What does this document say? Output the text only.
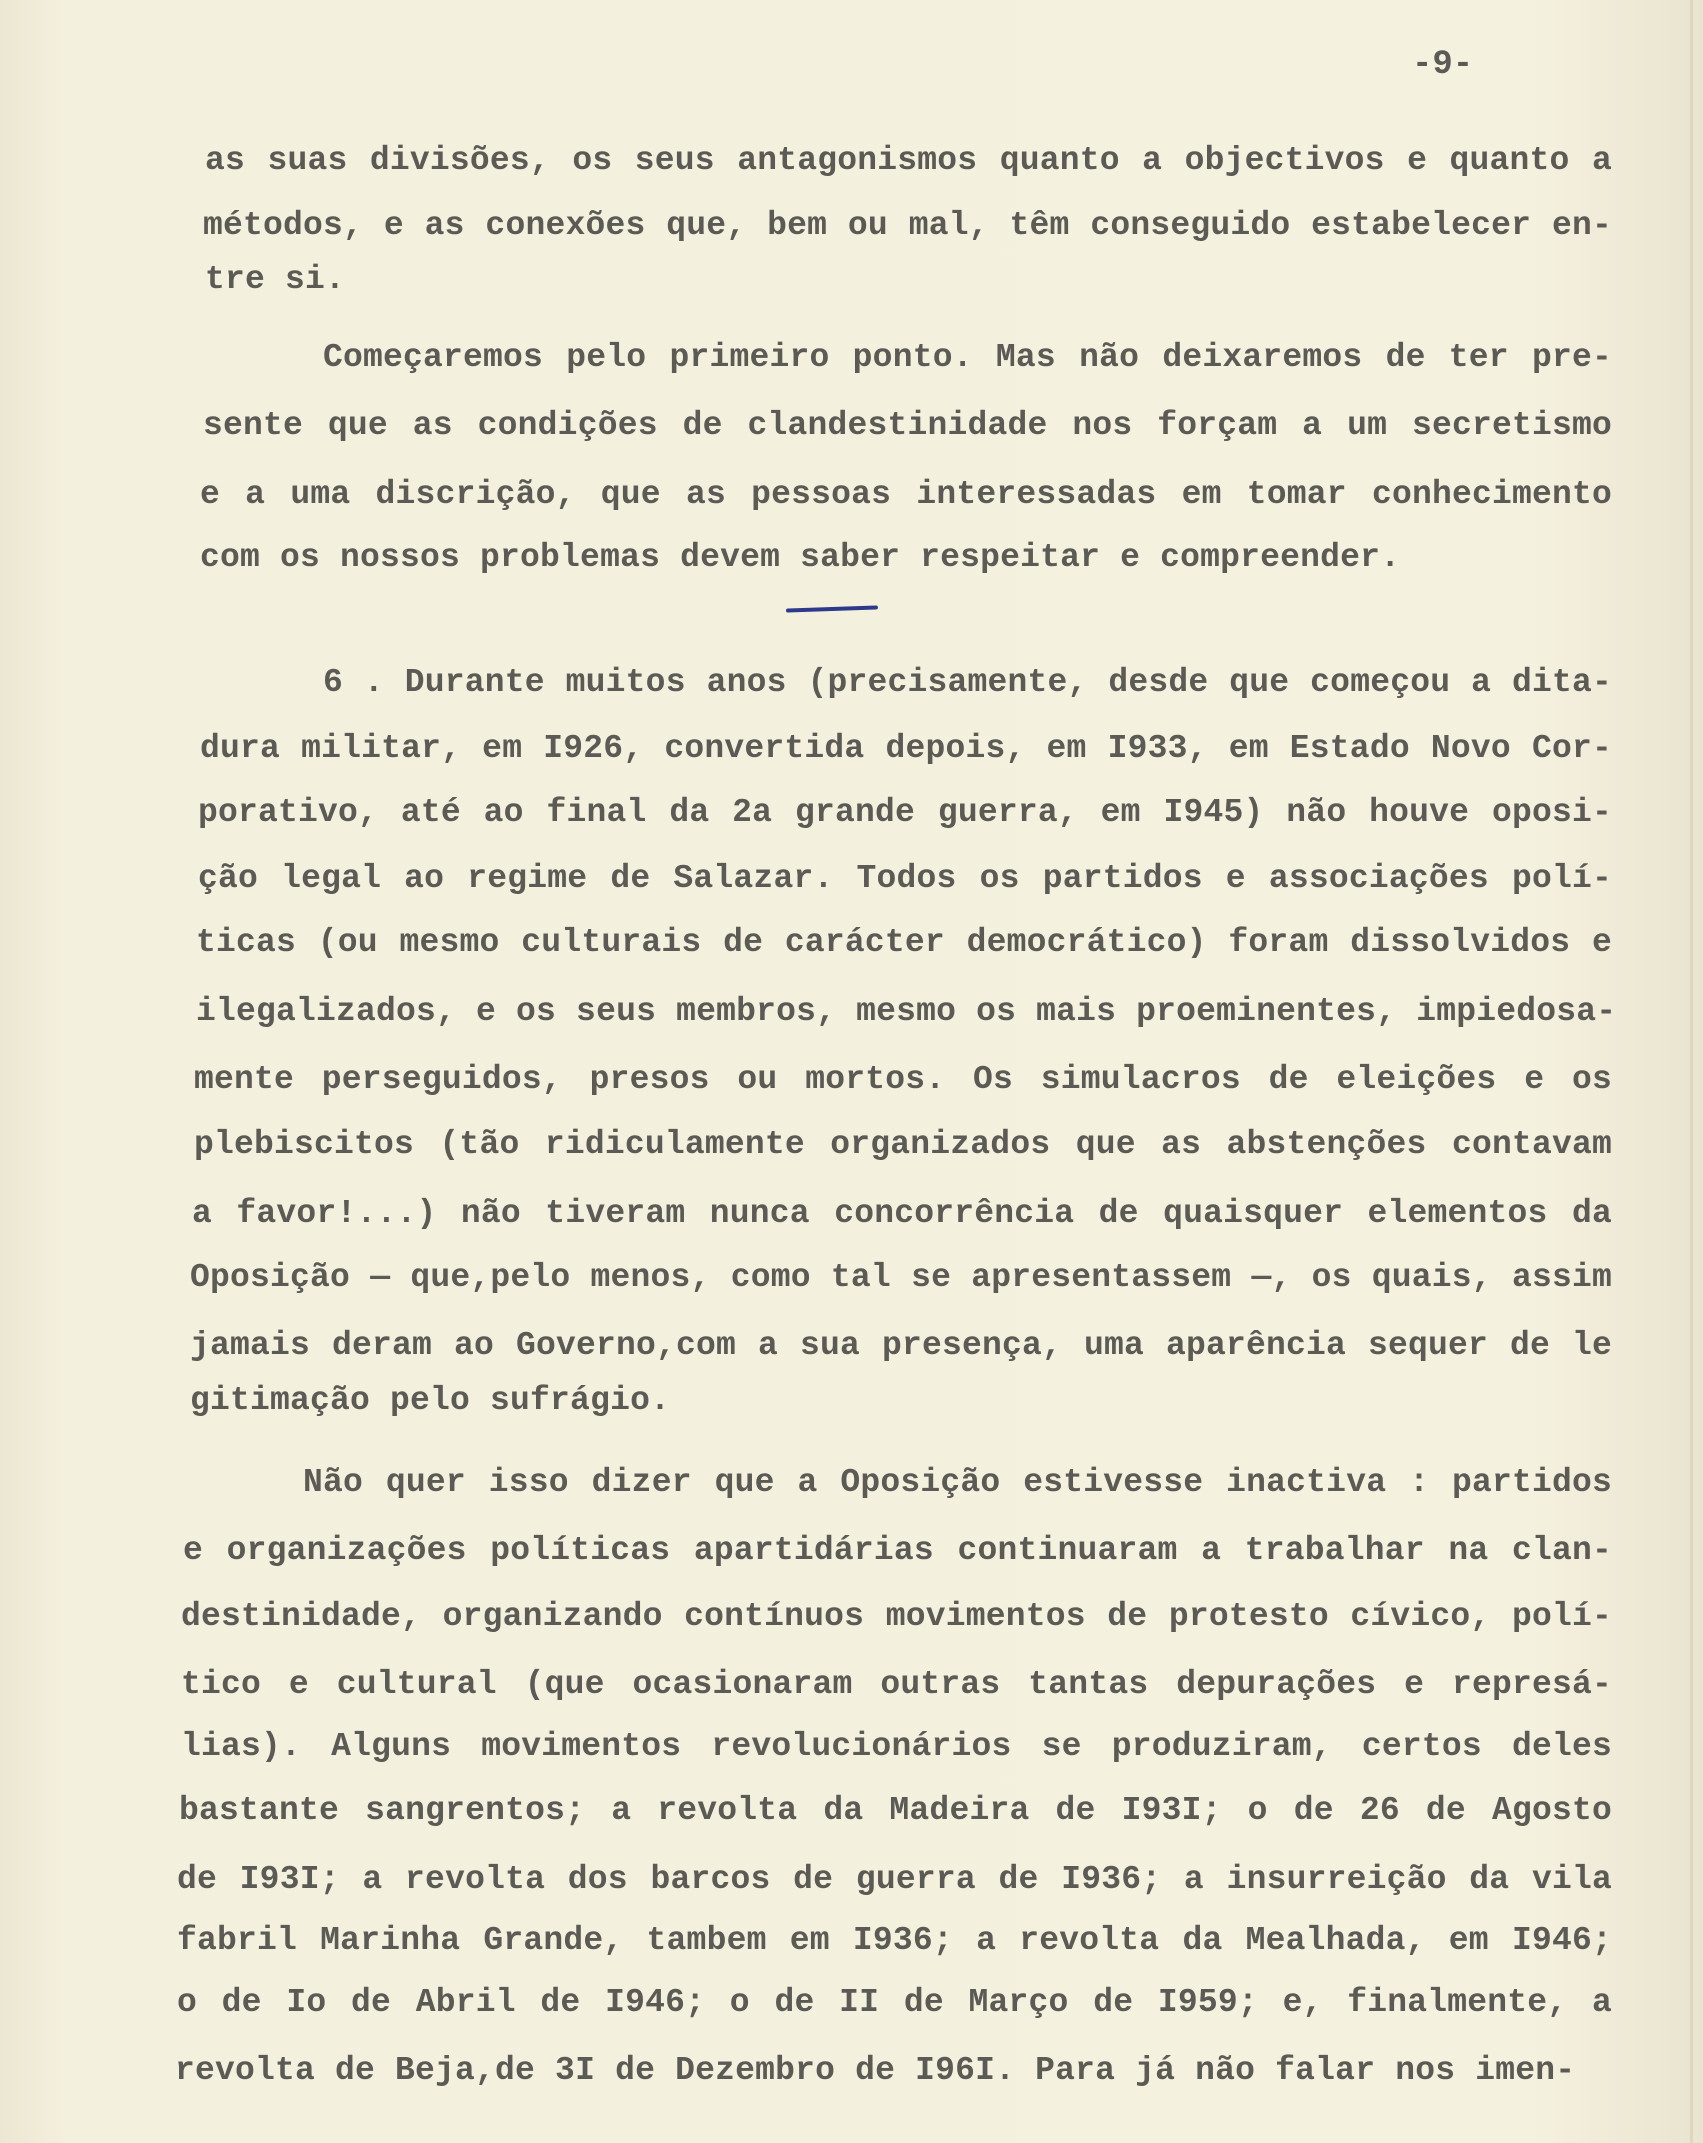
-9-
as suas divisões, os seus antagonismos quanto a objectivos e quanto a
métodos, e as conexões que, bem ou mal, têm conseguido estabelecer en-
tre si.
Começaremos pelo primeiro ponto. Mas não deixaremos de ter pre-
sente que as condições de clandestinidade nos forçam a um secretismo
e a uma discrição, que as pessoas interessadas em tomar conhecimento
com os nossos problemas devem saber respeitar e compreender.
6 . Durante muitos anos (precisamente, desde que começou a dita-
dura militar, em I926, convertida depois, em I933, em Estado Novo Cor-
porativo, até ao final da 2a grande guerra, em I945) não houve oposi-
ção legal ao regime de Salazar. Todos os partidos e associações polí-
ticas (ou mesmo culturais de carácter democrático) foram dissolvidos e
ilegalizados, e os seus membros, mesmo os mais proeminentes, impiedosa-
mente perseguidos, presos ou mortos. Os simulacros de eleições e os
plebiscitos (tão ridiculamente organizados que as abstenções contavam
a favor!...) não tiveram nunca concorrência de quaisquer elementos da
Oposição — que,pelo menos, como tal se apresentassem —, os quais, assim
jamais deram ao Governo,com a sua presença, uma aparência sequer de le
gitimação pelo sufrágio.
Não quer isso dizer que a Oposição estivesse inactiva : partidos
e organizações políticas apartidárias continuaram a trabalhar na clan-
destinidade, organizando contínuos movimentos de protesto cívico, polí-
tico e cultural (que ocasionaram outras tantas depurações e represá-
lias). Alguns movimentos revolucionários se produziram, certos deles
bastante sangrentos; a revolta da Madeira de I93I; o de 26 de Agosto
de I93I; a revolta dos barcos de guerra de I936; a insurreição da vila
fabril Marinha Grande, tambem em I936; a revolta da Mealhada, em I946;
o de Io de Abril de I946; o de II de Março de I959; e, finalmente, a
revolta de Beja,de 3I de Dezembro de I96I. Para já não falar nos imen-
